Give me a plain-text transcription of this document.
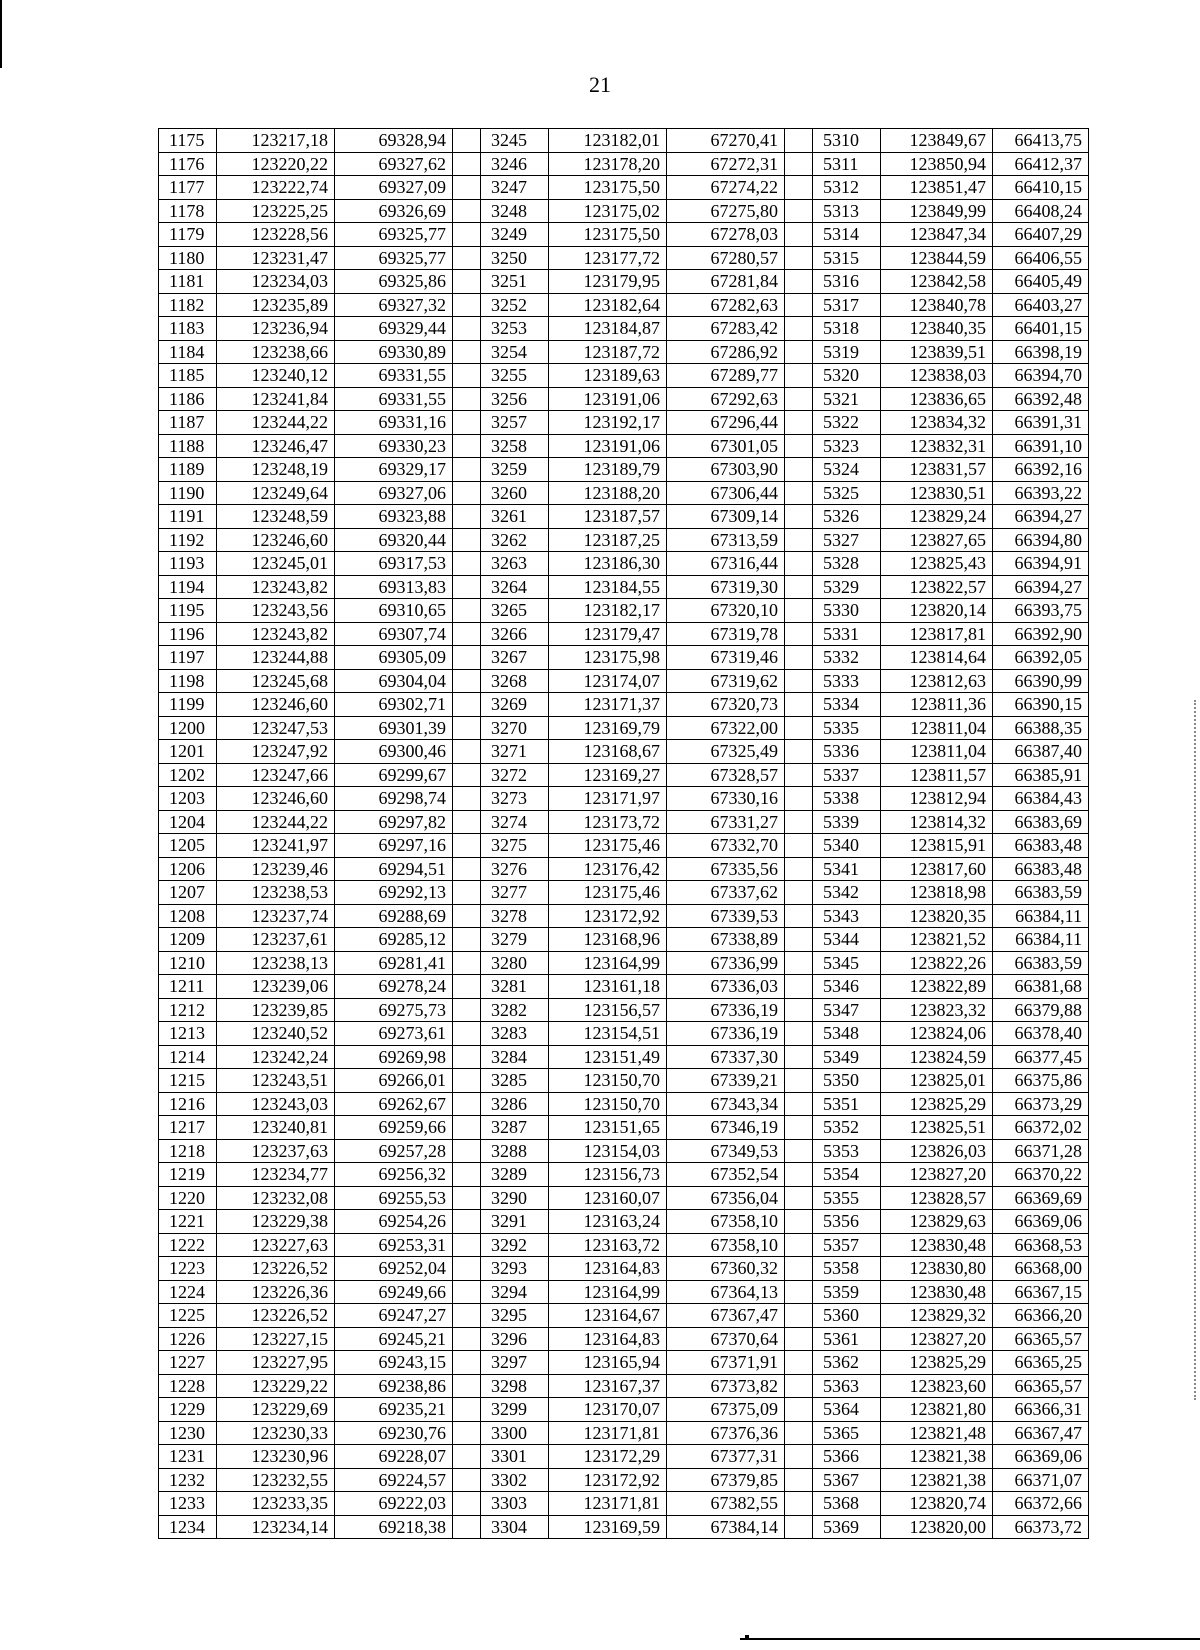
21
1175	123217,18	69328,94		3245	123182,01	67270,41		5310	123849,67	66413,75
1176	123220,22	69327,62		3246	123178,20	67272,31		5311	123850,94	66412,37
1177	123222,74	69327,09		3247	123175,50	67274,22		5312	123851,47	66410,15
1178	123225,25	69326,69		3248	123175,02	67275,80		5313	123849,99	66408,24
1179	123228,56	69325,77		3249	123175,50	67278,03		5314	123847,34	66407,29
1180	123231,47	69325,77		3250	123177,72	67280,57		5315	123844,59	66406,55
1181	123234,03	69325,86		3251	123179,95	67281,84		5316	123842,58	66405,49
1182	123235,89	69327,32		3252	123182,64	67282,63		5317	123840,78	66403,27
1183	123236,94	69329,44		3253	123184,87	67283,42		5318	123840,35	66401,15
1184	123238,66	69330,89		3254	123187,72	67286,92		5319	123839,51	66398,19
1185	123240,12	69331,55		3255	123189,63	67289,77		5320	123838,03	66394,70
1186	123241,84	69331,55		3256	123191,06	67292,63		5321	123836,65	66392,48
1187	123244,22	69331,16		3257	123192,17	67296,44		5322	123834,32	66391,31
1188	123246,47	69330,23		3258	123191,06	67301,05		5323	123832,31	66391,10
1189	123248,19	69329,17		3259	123189,79	67303,90		5324	123831,57	66392,16
1190	123249,64	69327,06		3260	123188,20	67306,44		5325	123830,51	66393,22
1191	123248,59	69323,88		3261	123187,57	67309,14		5326	123829,24	66394,27
1192	123246,60	69320,44		3262	123187,25	67313,59		5327	123827,65	66394,80
1193	123245,01	69317,53		3263	123186,30	67316,44		5328	123825,43	66394,91
1194	123243,82	69313,83		3264	123184,55	67319,30		5329	123822,57	66394,27
1195	123243,56	69310,65		3265	123182,17	67320,10		5330	123820,14	66393,75
1196	123243,82	69307,74		3266	123179,47	67319,78		5331	123817,81	66392,90
1197	123244,88	69305,09		3267	123175,98	67319,46		5332	123814,64	66392,05
1198	123245,68	69304,04		3268	123174,07	67319,62		5333	123812,63	66390,99
1199	123246,60	69302,71		3269	123171,37	67320,73		5334	123811,36	66390,15
1200	123247,53	69301,39		3270	123169,79	67322,00		5335	123811,04	66388,35
1201	123247,92	69300,46		3271	123168,67	67325,49		5336	123811,04	66387,40
1202	123247,66	69299,67		3272	123169,27	67328,57		5337	123811,57	66385,91
1203	123246,60	69298,74		3273	123171,97	67330,16		5338	123812,94	66384,43
1204	123244,22	69297,82		3274	123173,72	67331,27		5339	123814,32	66383,69
1205	123241,97	69297,16		3275	123175,46	67332,70		5340	123815,91	66383,48
1206	123239,46	69294,51		3276	123176,42	67335,56		5341	123817,60	66383,48
1207	123238,53	69292,13		3277	123175,46	67337,62		5342	123818,98	66383,59
1208	123237,74	69288,69		3278	123172,92	67339,53		5343	123820,35	66384,11
1209	123237,61	69285,12		3279	123168,96	67338,89		5344	123821,52	66384,11
1210	123238,13	69281,41		3280	123164,99	67336,99		5345	123822,26	66383,59
1211	123239,06	69278,24		3281	123161,18	67336,03		5346	123822,89	66381,68
1212	123239,85	69275,73		3282	123156,57	67336,19		5347	123823,32	66379,88
1213	123240,52	69273,61		3283	123154,51	67336,19		5348	123824,06	66378,40
1214	123242,24	69269,98		3284	123151,49	67337,30		5349	123824,59	66377,45
1215	123243,51	69266,01		3285	123150,70	67339,21		5350	123825,01	66375,86
1216	123243,03	69262,67		3286	123150,70	67343,34		5351	123825,29	66373,29
1217	123240,81	69259,66		3287	123151,65	67346,19		5352	123825,51	66372,02
1218	123237,63	69257,28		3288	123154,03	67349,53		5353	123826,03	66371,28
1219	123234,77	69256,32		3289	123156,73	67352,54		5354	123827,20	66370,22
1220	123232,08	69255,53		3290	123160,07	67356,04		5355	123828,57	66369,69
1221	123229,38	69254,26		3291	123163,24	67358,10		5356	123829,63	66369,06
1222	123227,63	69253,31		3292	123163,72	67358,10		5357	123830,48	66368,53
1223	123226,52	69252,04		3293	123164,83	67360,32		5358	123830,80	66368,00
1224	123226,36	69249,66		3294	123164,99	67364,13		5359	123830,48	66367,15
1225	123226,52	69247,27		3295	123164,67	67367,47		5360	123829,32	66366,20
1226	123227,15	69245,21		3296	123164,83	67370,64		5361	123827,20	66365,57
1227	123227,95	69243,15		3297	123165,94	67371,91		5362	123825,29	66365,25
1228	123229,22	69238,86		3298	123167,37	67373,82		5363	123823,60	66365,57
1229	123229,69	69235,21		3299	123170,07	67375,09		5364	123821,80	66366,31
1230	123230,33	69230,76		3300	123171,81	67376,36		5365	123821,48	66367,47
1231	123230,96	69228,07		3301	123172,29	67377,31		5366	123821,38	66369,06
1232	123232,55	69224,57		3302	123172,92	67379,85		5367	123821,38	66371,07
1233	123233,35	69222,03		3303	123171,81	67382,55		5368	123820,74	66372,66
1234	123234,14	69218,38		3304	123169,59	67384,14		5369	123820,00	66373,72
